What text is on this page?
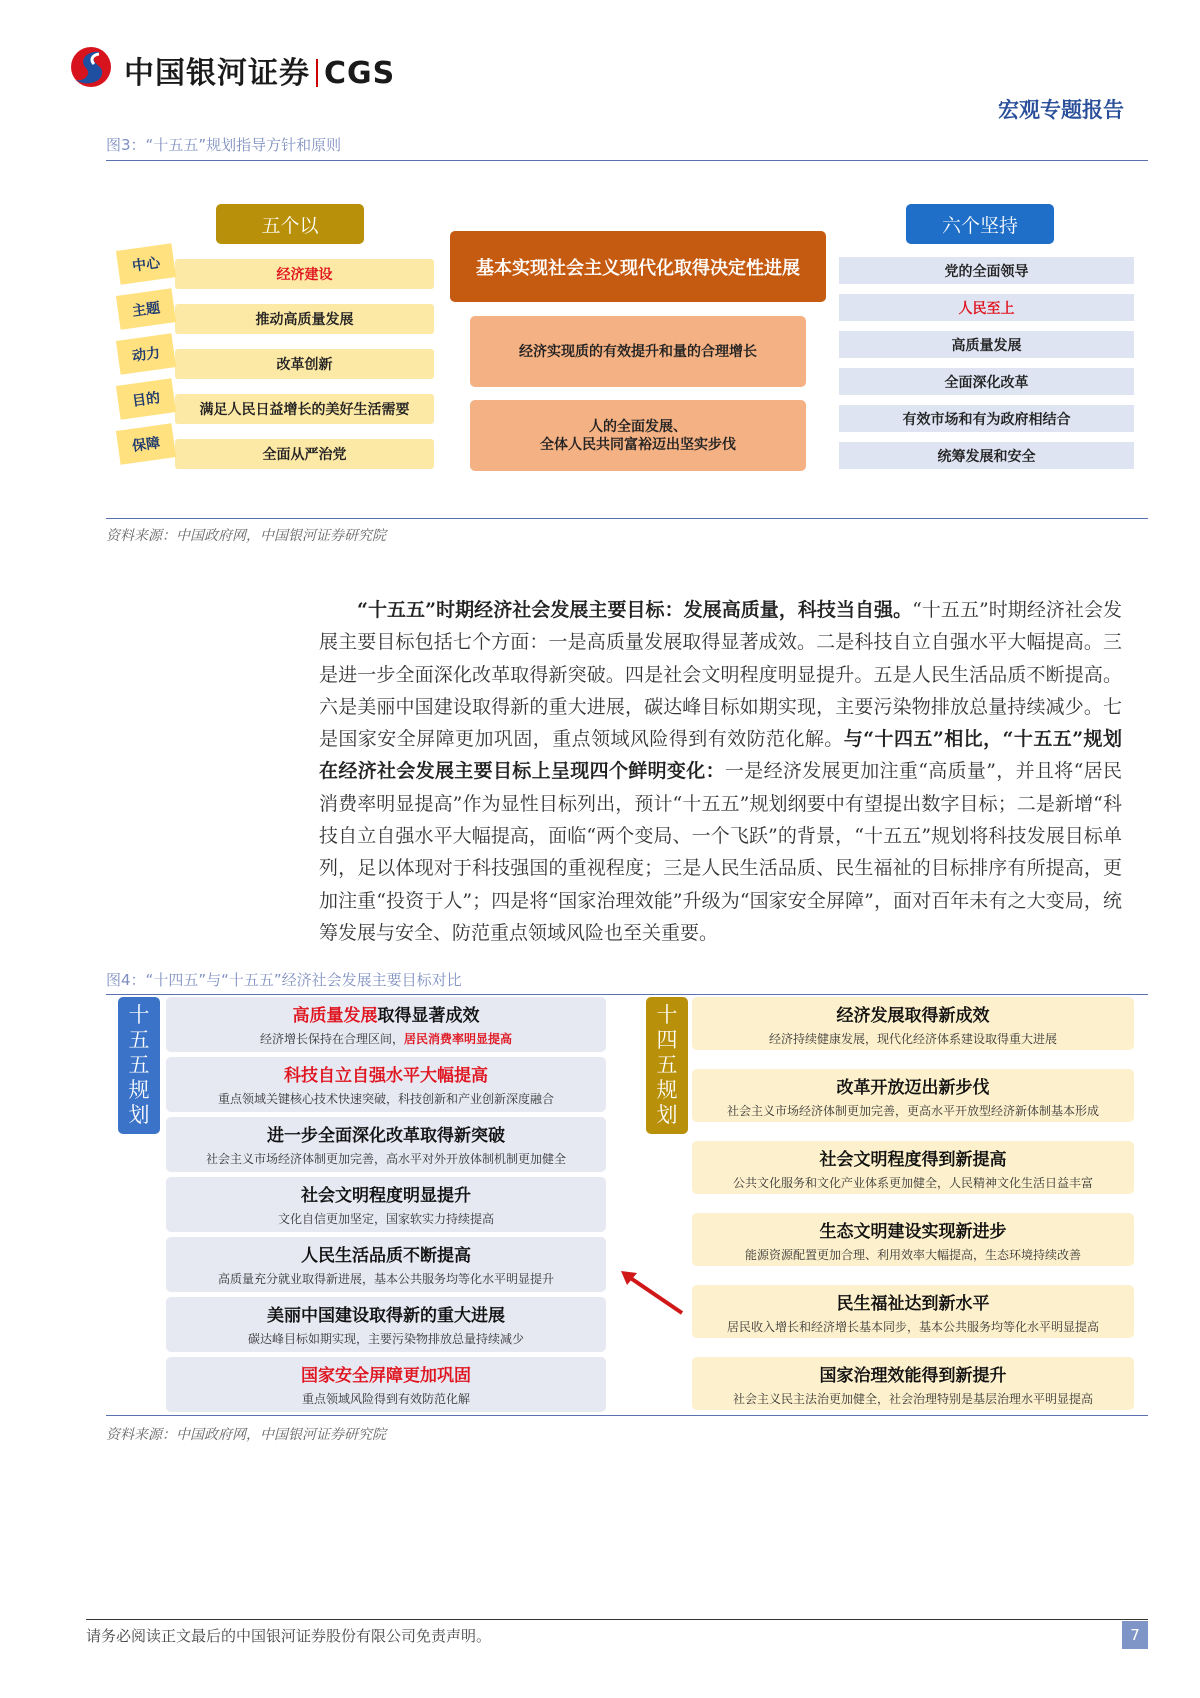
中国银河证券 CGS
宏观专题报告
图3：“十五五”规划指导方针和原则
五个以
经济建设
推动高质量发展
改革创新
满足人民日益增长的美好生活需要
全面从严治党
中心
主题
动力
目的
保障
基本实现社会主义现代化取得决定性进展
经济实现质的有效提升和量的合理增长
人的全面发展、
全体人民共同富裕迈出坚实步伐
六个坚持
党的全面领导
人民至上
高质量发展
全面深化改革
有效市场和有为政府相结合
统筹发展和安全
资料来源：中国政府网，中国银河证券研究院
“十五五”时期经济社会发展主要目标：发展高质量，科技当自强。“十五五”时期经济社会发展主要目标包括七个方面：一是高质量发展取得显著成效。二是科技自立自强水平大幅提高。三是进一步全面深化改革取得新突破。四是社会文明程度明显提升。五是人民生活品质不断提高。六是美丽中国建设取得新的重大进展，碳达峰目标如期实现，主要污染物排放总量持续减少。七是国家安全屏障更加巩固，重点领域风险得到有效防范化解。与“十四五”相比，“十五五”规划在经济社会发展主要目标上呈现四个鲜明变化：一是经济发展更加注重“高质量”，并且将“居民消费率明显提高”作为显性目标列出，预计“十五五”规划纲要中有望提出数字目标；二是新增“科技自立自强水平大幅提高，面临“两个变局、一个飞跃”的背景，“十五五”规划将科技发展目标单列，足以体现对于科技强国的重视程度；三是人民生活品质、民生福祉的目标排序有所提高，更加注重“投资于人”；四是将“国家治理效能”升级为“国家安全屏障”，面对百年未有之大变局，统筹发展与安全、防范重点领域风险也至关重要。
图4：“十四五”与“十五五”经济社会发展主要目标对比
十
五
五
规
划
十
四
五
规
划
高质量发展取得显著成效
经济增长保持在合理区间，居民消费率明显提高
科技自立自强水平大幅提高
重点领域关键核心技术快速突破，科技创新和产业创新深度融合
进一步全面深化改革取得新突破
社会主义市场经济体制更加完善，高水平对外开放体制机制更加健全
社会文明程度明显提升
文化自信更加坚定，国家软实力持续提高
人民生活品质不断提高
高质量充分就业取得新进展，基本公共服务均等化水平明显提升
美丽中国建设取得新的重大进展
碳达峰目标如期实现，主要污染物排放总量持续减少
国家安全屏障更加巩固
重点领域风险得到有效防范化解
经济发展取得新成效
经济持续健康发展，现代化经济体系建设取得重大进展
改革开放迈出新步伐
社会主义市场经济体制更加完善，更高水平开放型经济新体制基本形成
社会文明程度得到新提高
公共文化服务和文化产业体系更加健全，人民精神文化生活日益丰富
生态文明建设实现新进步
能源资源配置更加合理、利用效率大幅提高，生态环境持续改善
民生福祉达到新水平
居民收入增长和经济增长基本同步，基本公共服务均等化水平明显提高
国家治理效能得到新提升
社会主义民主法治更加健全，社会治理特别是基层治理水平明显提高
资料来源：中国政府网，中国银河证券研究院
请务必阅读正文最后的中国银河证券股份有限公司免责声明。	7
